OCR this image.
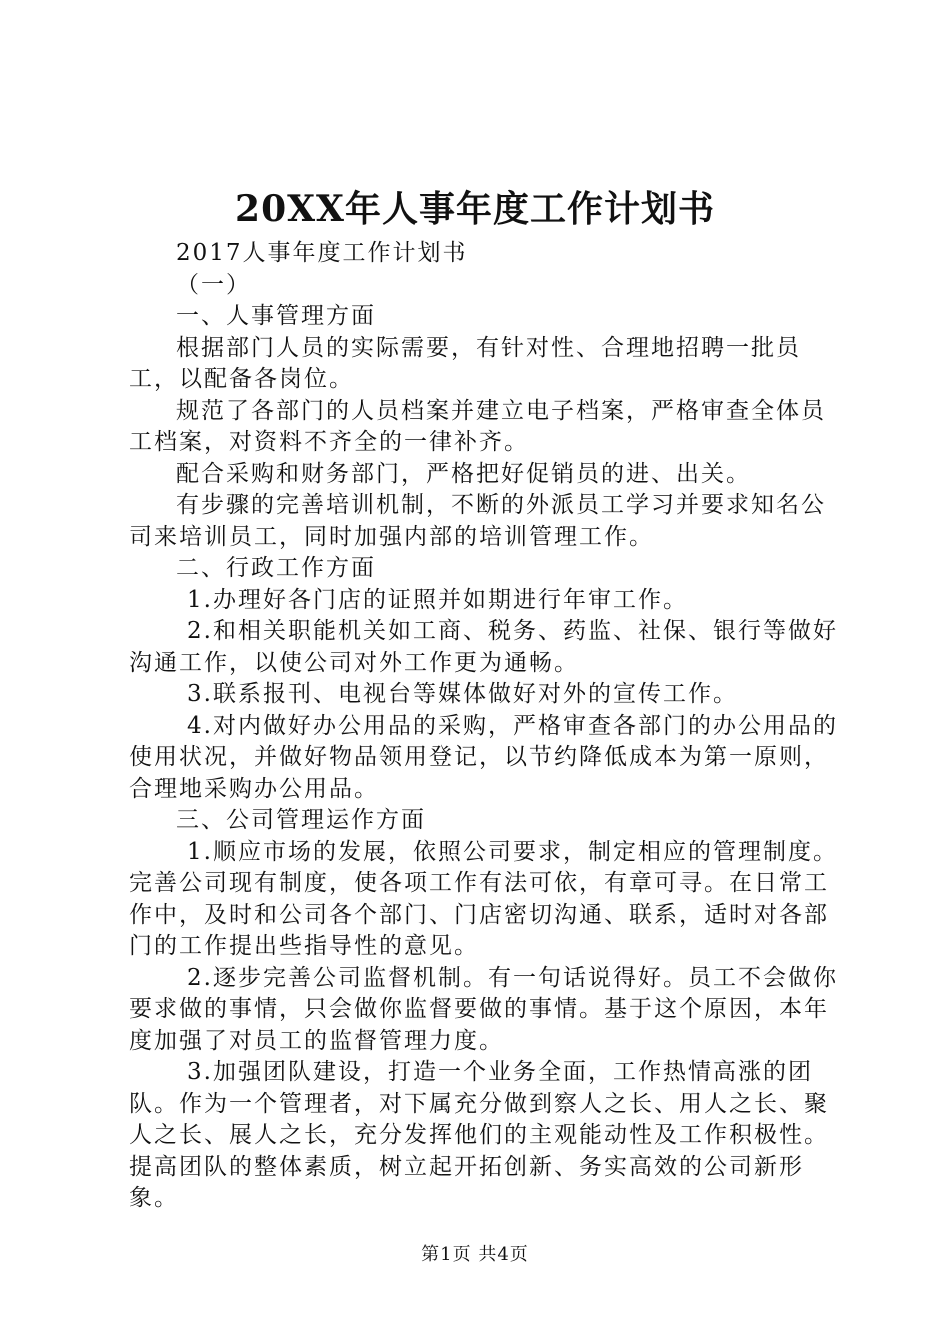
20XX年人事年度工作计划书

2017人事年度工作计划书

（一）

一、人事管理方面

根据部门人员的实际需要，有针对性、合理地招聘一批员工，以配备各岗位。

规范了各部门的人员档案并建立电子档案，严格审查全体员工档案，对资料不齐全的一律补齐。

配合采购和财务部门，严格把好促销员的进、出关。

有步骤的完善培训机制，不断的外派员工学习并要求知名公司来培训员工，同时加强内部的培训管理工作。

二、行政工作方面

1.办理好各门店的证照并如期进行年审工作。

2.和相关职能机关如工商、税务、药监、社保、银行等做好沟通工作，以使公司对外工作更为通畅。

3.联系报刊、电视台等媒体做好对外的宣传工作。

4.对内做好办公用品的采购，严格审查各部门的办公用品的使用状况，并做好物品领用登记，以节约降低成本为第一原则，合理地采购办公用品。

三、公司管理运作方面

1.顺应市场的发展，依照公司要求，制定相应的管理制度。完善公司现有制度，使各项工作有法可依，有章可寻。在日常工作中，及时和公司各个部门、门店密切沟通、联系，适时对各部门的工作提出些指导性的意见。

2.逐步完善公司监督机制。有一句话说得好。员工不会做你要求做的事情，只会做你监督要做的事情。基于这个原因，本年度加强了对员工的监督管理力度。

3.加强团队建设，打造一个业务全面，工作热情高涨的团队。作为一个管理者，对下属充分做到察人之长、用人之长、聚人之长、展人之长，充分发挥他们的主观能动性及工作积极性。提高团队的整体素质，树立起开拓创新、务实高效的公司新形象。

第1页 共4页
